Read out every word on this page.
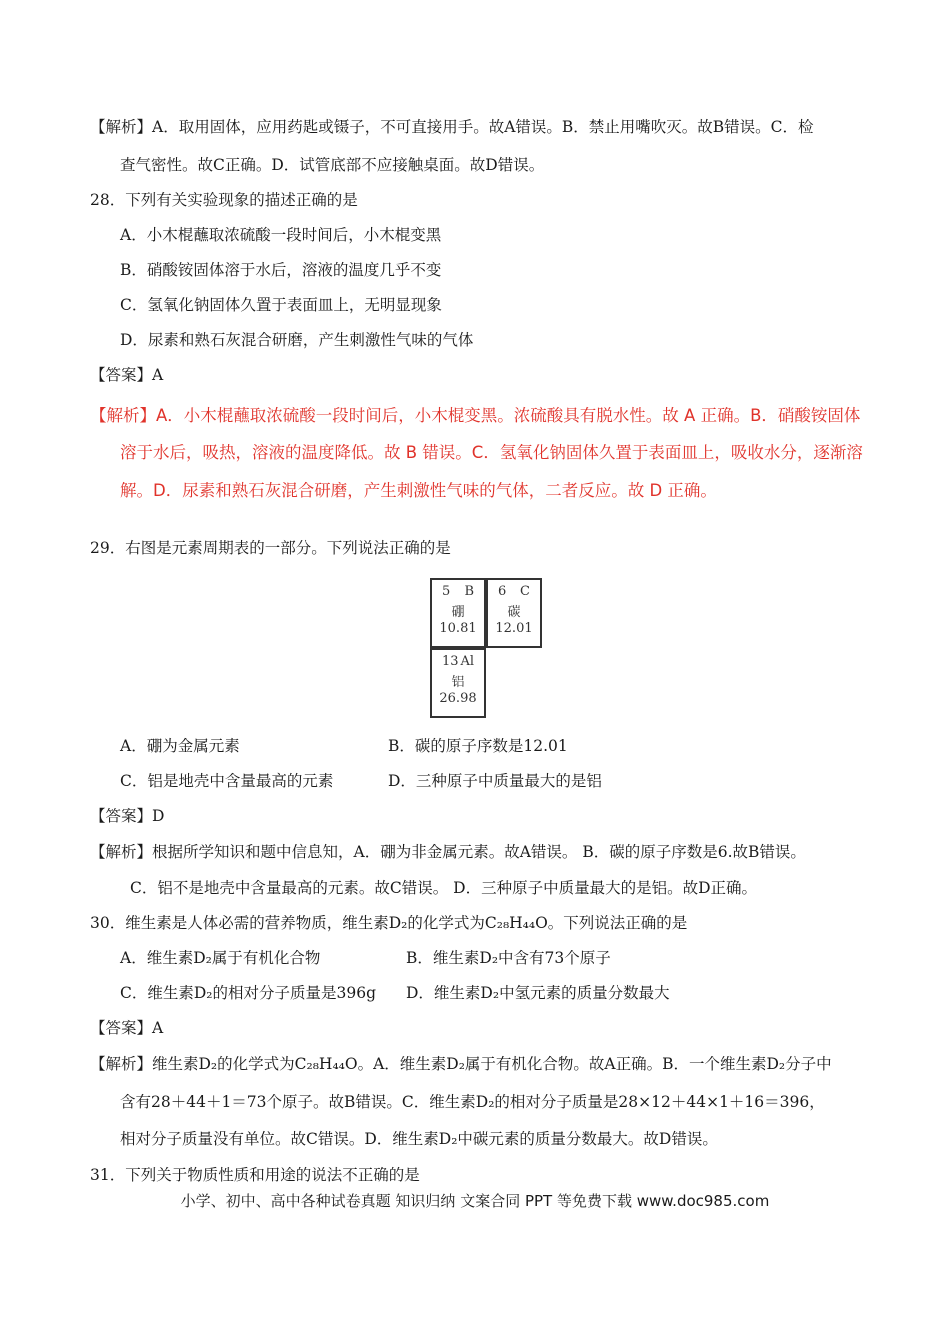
【解析】A．取用固体，应用药匙或镊子，不可直接用手。故A错误。B．禁止用嘴吹灭。故B错误。C．检
查气密性。故C正确。D．试管底部不应接触桌面。故D错误。
28．下列有关实验现象的描述正确的是
A．小木棍蘸取浓硫酸一段时间后，小木棍变黑
B．硝酸铵固体溶于水后，溶液的温度几乎不变
C．氢氧化钠固体久置于表面皿上，无明显现象
D．尿素和熟石灰混合研磨，产生刺激性气味的气体
【答案】A
【解析】A．小木棍蘸取浓硫酸一段时间后，小木棍变黑。浓硫酸具有脱水性。故 A 正确。B．硝酸铵固体
溶于水后，吸热，溶液的温度降低。故 B 错误。C．氢氧化钠固体久置于表面皿上，吸收水分，逐渐溶
解。D．尿素和熟石灰混合研磨，产生刺激性气味的气体，二者反应。故 D 正确。
29．右图是元素周期表的一部分。下列说法正确的是
5 B
硼
10.81
6 C
碳
12.01
13 Al
铝
26.98
A．硼为金属元素	B．碳的原子序数是12.01
C．铝是地壳中含量最高的元素	D．三种原子中质量最大的是铝
【答案】D
【解析】根据所学知识和题中信息知，A．硼为非金属元素。故A错误。 B．碳的原子序数是6.故B错误。
C．铝不是地壳中含量最高的元素。故C错误。 D．三种原子中质量最大的是铝。故D正确。
30．维生素是人体必需的营养物质，维生素D₂的化学式为C₂₈H₄₄O。下列说法正确的是
A．维生素D₂属于有机化合物	B．维生素D₂中含有73个原子
C．维生素D₂的相对分子质量是396g D．维生素D₂中氢元素的质量分数最大
【答案】A
【解析】维生素D₂的化学式为C₂₈H₄₄O。A．维生素D₂属于有机化合物。故A正确。B．一个维生素D₂分子中
含有28＋44＋1＝73个原子。故B错误。C．维生素D₂的相对分子质量是28×12＋44×1＋16＝396，
相对分子质量没有单位。故C错误。D．维生素D₂中碳元素的质量分数最大。故D错误。
31．下列关于物质性质和用途的说法不正确的是
小学、初中、高中各种试卷真题 知识归纳 文案合同 PPT 等免费下载 www.doc985.com
